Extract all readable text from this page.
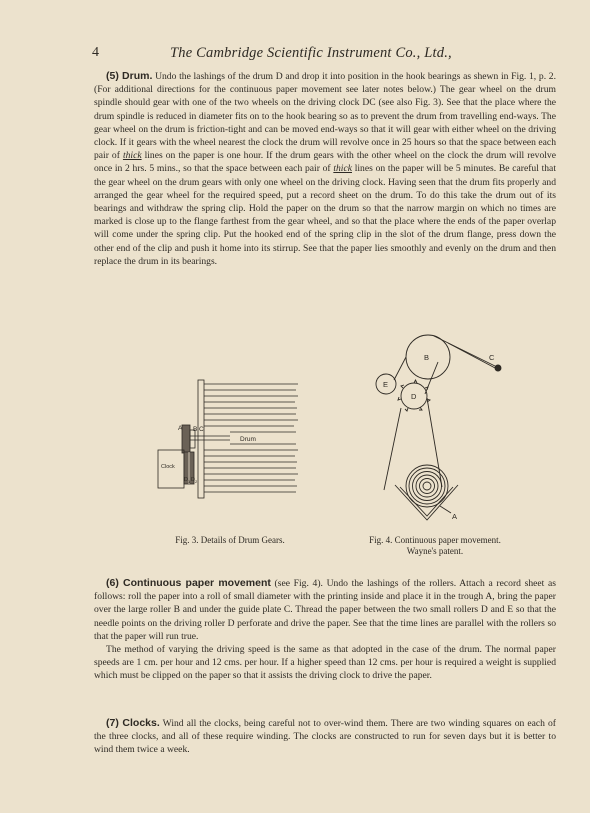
4	The Cambridge Scientific Instrument Co., Ltd.,
(5) Drum. Undo the lashings of the drum D and drop it into position in the hook bearings as shewn in Fig. 1, p. 2. (For additional directions for the continuous paper movement see later notes below.) The gear wheel on the drum spindle should gear with one of the two wheels on the driving clock DC (see also Fig. 3). See that the place where the drum spindle is reduced in diameter fits on to the hook bearing so as to prevent the drum from travelling end-ways. The gear wheel on the drum is friction-tight and can be moved end-ways so that it will gear with either wheel on the driving clock. If it gears with the wheel nearest the clock the drum will revolve once in 25 hours so that the space between each pair of thick lines on the paper is one hour. If the drum gears with the other wheel on the clock the drum will revolve once in 2 hrs. 5 mins., so that the space between each pair of thick lines on the paper will be 5 minutes. Be careful that the gear wheel on the drum gears with only one wheel on the driving clock. Having seen that the drum fits properly and arranged the gear wheel for the required speed, put a record sheet on the drum. To do this take the drum out of its bearings and withdraw the spring clip. Hold the paper on the drum so that the narrow margin on which no times are marked is close up to the flange farthest from the gear wheel, and so that the place where the ends of the paper overlap will come under the spring clip. Put the hooked end of the spring clip in the slot of the drum flange, press down the other end of the clip and push it home into its stirrup. See that the paper lies smoothly and evenly on the drum and then replace the drum in its bearings.
A B C
Drum
Clock
D 1 D 2
B
E
D
C
A
Fig. 3. Details of Drum Gears.	Fig. 4. Continuous paper movement.
Wayne's patent.

(6) Continuous paper movement (see Fig. 4). Undo the lashings of the rollers. Attach a record sheet as follows: roll the paper into a roll of small diameter with the printing inside and place it in the trough A, bring the paper over the large roller B and under the guide plate C. Thread the paper between the two small rollers D and E so that the needle points on the driving roller D perforate and drive the paper. See that the time lines are parallel with the rollers so that the paper will run true.

The method of varying the driving speed is the same as that adopted in the case of the drum. The normal paper speeds are 1 cm. per hour and 12 cms. per hour. If a higher speed than 12 cms. per hour is required a weight is supplied which must be clipped on the paper so that it assists the driving clock to drive the paper.

(7) Clocks. Wind all the clocks, being careful not to over-wind them. There are two winding squares on each of the three clocks, and all of these require winding. The clocks are constructed to run for seven days but it is better to wind them twice a week.
